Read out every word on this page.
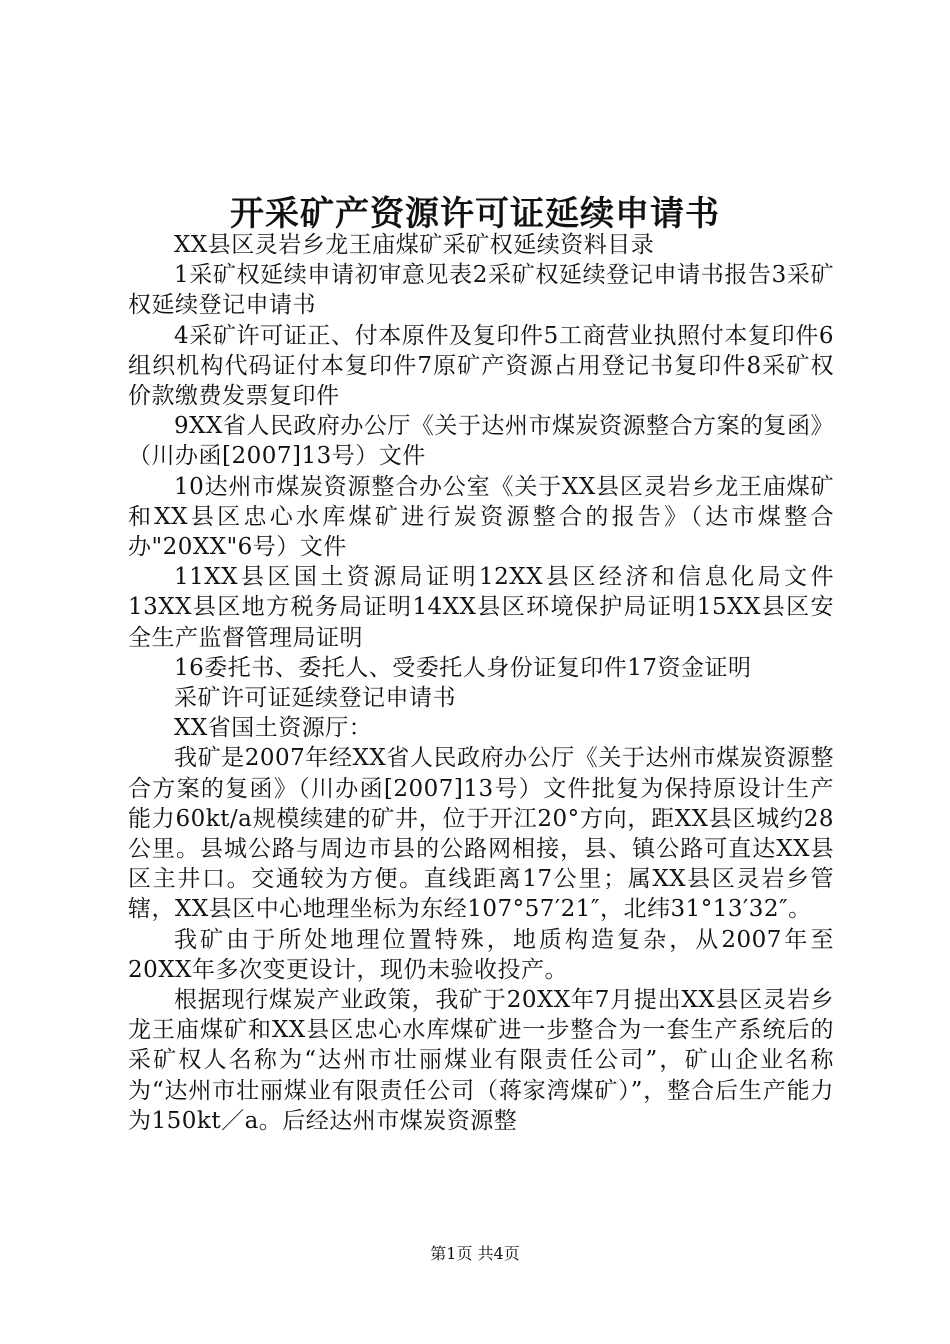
开采矿产资源许可证延续申请书

XX县区灵岩乡龙王庙煤矿采矿权延续资料目录

1采矿权延续申请初审意见表2采矿权延续登记申请书报告3采矿权延续登记申请书

4采矿许可证正、付本原件及复印件5工商营业执照付本复印件6组织机构代码证付本复印件7原矿产资源占用登记书复印件8采矿权价款缴费发票复印件

9XX省人民政府办公厅《关于达州市煤炭资源整合方案的复函》（川办函[2007]13号）文件

10达州市煤炭资源整合办公室《关于XX县区灵岩乡龙王庙煤矿和XX县区忠心水库煤矿进行炭资源整合的报告》（达市煤整合办"20XX"6号）文件

11XX县区国土资源局证明12XX县区经济和信息化局文件13XX县区地方税务局证明14XX县区环境保护局证明15XX县区安全生产监督管理局证明

16委托书、委托人、受委托人身份证复印件17资金证明

采矿许可证延续登记申请书

XX省国土资源厅：

我矿是2007年经XX省人民政府办公厅《关于达州市煤炭资源整合方案的复函》（川办函[2007]13号）文件批复为保持原设计生产能力60kt/a规模续建的矿井，位于开江20°方向，距XX县区城约28公里。县城公路与周边市县的公路网相接，县、镇公路可直达XX县区主井口。交通较为方便。直线距离17公里；属XX县区灵岩乡管辖，XX县区中心地理坐标为东经107°57′21″，北纬31°13′32″。

我矿由于所处地理位置特殊，地质构造复杂，从2007年至20XX年多次变更设计，现仍未验收投产。

根据现行煤炭产业政策，我矿于20XX年7月提出XX县区灵岩乡龙王庙煤矿和XX县区忠心水库煤矿进一步整合为一套生产系统后的采矿权人名称为“达州市壮丽煤业有限责任公司”，矿山企业名称为“达州市壮丽煤业有限责任公司（蒋家湾煤矿）”，整合后生产能力为150kt／a。后经达州市煤炭资源整

第1页 共4页
